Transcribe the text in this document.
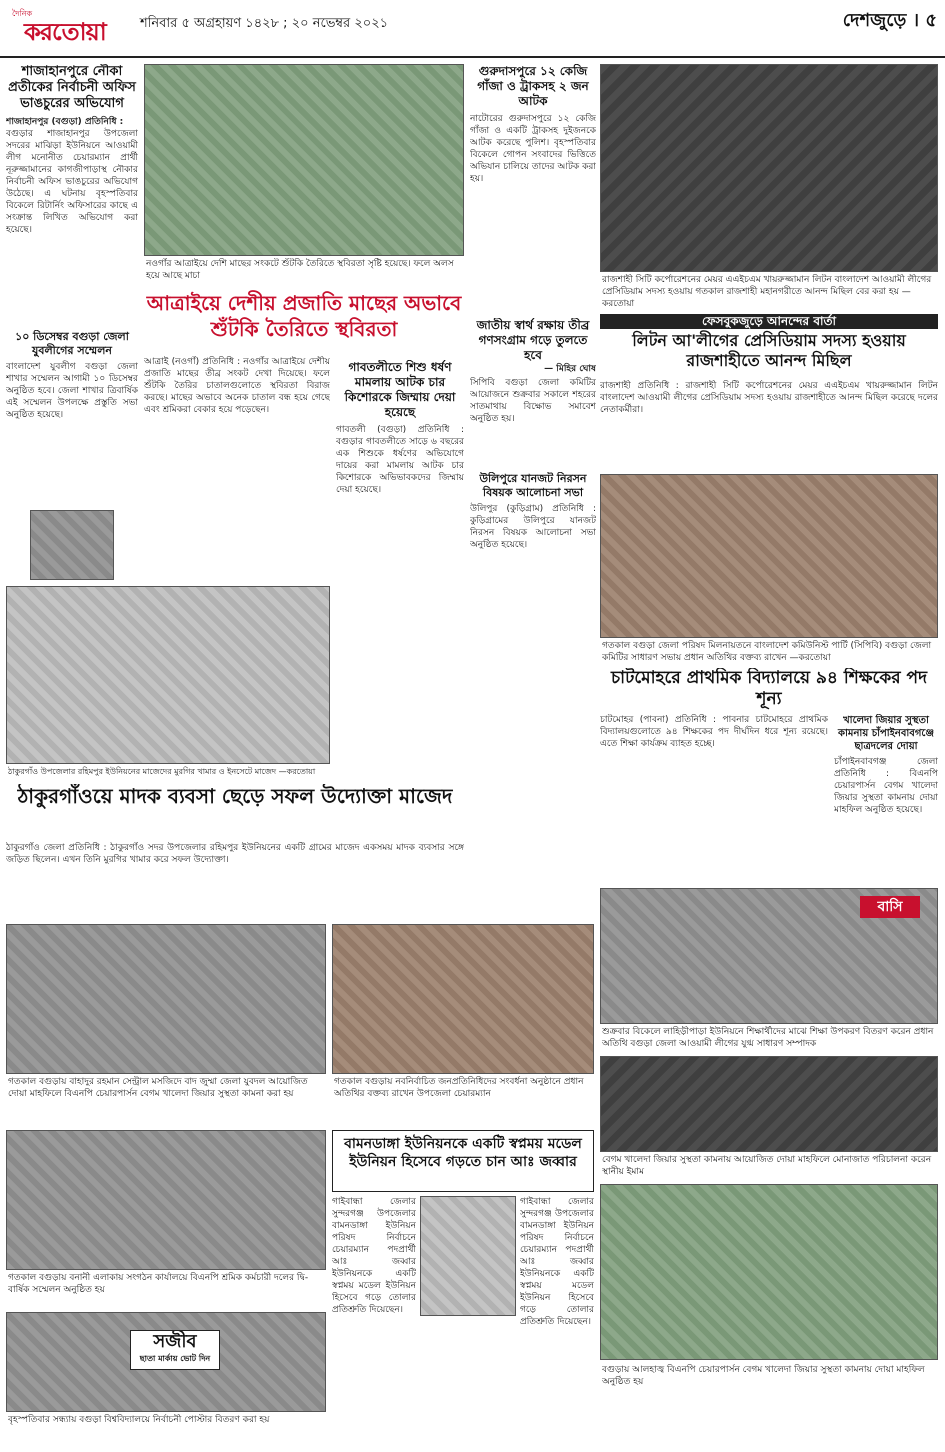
দৈনিক
করতোয়া	শনিবার ৫ অগ্রহায়ণ ১৪২৮ ; ২০ নভেম্বর ২০২১	দেশজুড়ে । ৫
শাজাহানপুরে নৌকা প্রতীকের নির্বাচনী অফিস ভাঙচুরের অভিযোগ
শাজাহানপুর (বগুড়া) প্রতিনিধি :
বগুড়ার শাজাহানপুর উপজেলা সদরের মাঝিড়া ইউনিয়নে আওয়ামী লীগ মনোনীত চেয়ারম্যান প্রার্থী নূরুজ্জামানের কাগজীপাড়াস্থ নৌকার নির্বাচনী অফিস ভাঙচুরের অভিযোগ উঠেছে। এ ঘটনায় বৃহস্পতিবার বিকেলে রিটার্নিং অফিসারের কাছে এ সংক্রান্ত লিখিত অভিযোগ করা হয়েছে।
১০ ডিসেম্বর বগুড়া জেলা যুবলীগের সম্মেলন
বাংলাদেশ যুবলীগ বগুড়া জেলা শাখার সম্মেলন আগামী ১০ ডিসেম্বর অনুষ্ঠিত হবে। জেলা শাখার ত্রিবার্ষিক এই সম্মেলন উপলক্ষে প্রস্তুতি সভা অনুষ্ঠিত হয়েছে।
নওগাঁর আত্রাইয়ে দেশি মাছের সংকটে শুঁটকি তৈরিতে স্থবিরতা সৃষ্টি হয়েছে। ফলে অলস হয়ে আছে মাচা
আত্রাইয়ে দেশীয় প্রজাতি মাছের অভাবে শুঁটকি তৈরিতে স্থবিরতা
আত্রাই (নওগাঁ) প্রতিনিধি : নওগাঁর আত্রাইয়ে দেশীয় প্রজাতি মাছের তীব্র সংকট দেখা দিয়েছে। ফলে শুঁটকি তৈরির চাতালগুলোতে স্থবিরতা বিরাজ করছে। মাছের অভাবে অনেক চাতাল বন্ধ হয়ে গেছে এবং শ্রমিকরা বেকার হয়ে পড়েছেন।
গাবতলীতে শিশু ধর্ষণ মামলায় আটক চার কিশোরকে জিম্মায় দেয়া হয়েছে
গাবতলী (বগুড়া) প্রতিনিধি : বগুড়ার গাবতলীতে সাড়ে ৬ বছরের এক শিশুকে ধর্ষণের অভিযোগে দায়ের করা মামলায় আটক চার কিশোরকে অভিভাবকদের জিম্মায় দেয়া হয়েছে।
গুরুদাসপুরে ১২ কেজি গাঁজা ও ট্রাকসহ ২ জন আটক
নাটোরের গুরুদাসপুরে ১২ কেজি গাঁজা ও একটি ট্রাকসহ দুইজনকে আটক করেছে পুলিশ। বৃহস্পতিবার বিকেলে গোপন সংবাদের ভিত্তিতে অভিযান চালিয়ে তাদের আটক করা হয়।
জাতীয় স্বার্থ রক্ষায় তীব্র গণসংগ্রাম গড়ে তুলতে হবে
— মিহির ঘোষ
সিপিবি বগুড়া জেলা কমিটির আয়োজনে শুক্রবার সকালে শহরের সাতমাথায় বিক্ষোভ সমাবেশ অনুষ্ঠিত হয়।
উলিপুরে যানজট নিরসন বিষয়ক আলোচনা সভা
উলিপুর (কুড়িগ্রাম) প্রতিনিধি : কুড়িগ্রামের উলিপুরে যানজট নিরসন বিষয়ক আলোচনা সভা অনুষ্ঠিত হয়েছে।
রাজশাহী সিটি কর্পোরেশনের মেয়র এএইচএম খায়রুজ্জামান লিটন বাংলাদেশ আওয়ামী লীগের প্রেসিডিয়াম সদস্য হওয়ায় গতকাল রাজশাহী মহানগরীতে আনন্দ মিছিল বের করা হয় —করতোয়া
ফেসবুকজুড়ে আনন্দের বার্তা
লিটন আ'লীগের প্রেসিডিয়াম সদস্য হওয়ায় রাজশাহীতে আনন্দ মিছিল
রাজশাহী প্রতিনিধি : রাজশাহী সিটি কর্পোরেশনের মেয়র এএইচএম খায়রুজ্জামান লিটন বাংলাদেশ আওয়ামী লীগের প্রেসিডিয়াম সদস্য হওয়ায় রাজশাহীতে আনন্দ মিছিল করেছে দলের নেতাকর্মীরা।
গতকাল বগুড়া জেলা পরিষদ মিলনায়তনে বাংলাদেশ কমিউনিস্ট পার্টি (সিপিবি) বগুড়া জেলা কমিটির সাধারণ সভায় প্রধান অতিথির বক্তব্য রাখেন —করতোয়া
ঠাকুরগাঁও উপজেলার রহিমপুর ইউনিয়নের মাজেদের মুরগির খামার ও ইনসেটে মাজেদ —করতোয়া
ঠাকুরগাঁওয়ে মাদক ব্যবসা ছেড়ে সফল উদ্যোক্তা মাজেদ
ঠাকুরগাঁও জেলা প্রতিনিধি : ঠাকুরগাঁও সদর উপজেলার রহিমপুর ইউনিয়নের একটি গ্রামের মাজেদ একসময় মাদক ব্যবসার সঙ্গে জড়িত ছিলেন। এখন তিনি মুরগির খামার করে সফল উদ্যোক্তা।
চাটমোহরে প্রাথমিক বিদ্যালয়ে ৯৪ শিক্ষকের পদ শূন্য
চাটমোহর (পাবনা) প্রতিনিধি : পাবনার চাটমোহরে প্রাথমিক বিদ্যালয়গুলোতে ৯৪ শিক্ষকের পদ দীর্ঘদিন ধরে শূন্য রয়েছে। এতে শিক্ষা কার্যক্রম ব্যাহত হচ্ছে।
খালেদা জিয়ার সুস্থতা কামনায় চাঁপাইনবাবগঞ্জে ছাত্রদলের দোয়া
চাঁপাইনবাবগঞ্জ জেলা প্রতিনিধি : বিএনপি চেয়ারপার্সন বেগম খালেদা জিয়ার সুস্থতা কামনায় দোয়া মাহফিল অনুষ্ঠিত হয়েছে।
বাসি
শুক্রবার বিকেলে লাহিড়ীপাড়া ইউনিয়নে শিক্ষার্থীদের মাঝে শিক্ষা উপকরণ বিতরণ করেন প্রধান অতিথি বগুড়া জেলা আওয়ামী লীগের যুগ্ম সাধারণ সম্পাদক
গতকাল বগুড়ায় বাহাদুর রহমান সেন্ট্রাল মসজিদে বাদ জুম্মা জেলা যুবদল আয়োজিত দোয়া মাহফিলে বিএনপি চেয়ারপার্সন বেগম খালেদা জিয়ার সুস্থতা কামনা করা হয়
গতকাল বগুড়ায় নবনির্বাচিত জনপ্রতিনিধিদের সংবর্ধনা অনুষ্ঠানে প্রধান অতিথির বক্তব্য রাখেন উপজেলা চেয়ারম্যান
বেগম খালেদা জিয়ার সুস্থতা কামনায় আয়োজিত দোয়া মাহফিলে মোনাজাত পরিচালনা করেন স্থানীয় ইমাম
গতকাল বগুড়ায় বনানী এলাকায় সংগঠন কার্যালয়ে বিএনপি শ্রমিক কর্মচারী দলের দ্বি-বার্ষিক সম্মেলন অনুষ্ঠিত হয়
বামনডাঙ্গা ইউনিয়নকে একটি স্বপ্নময় মডেল ইউনিয়ন হিসেবে গড়তে চান আঃ জব্বার
গাইবান্ধা জেলার সুন্দরগঞ্জ উপজেলার বামনডাঙ্গা ইউনিয়ন পরিষদ নির্বাচনে চেয়ারম্যান পদপ্রার্থী আঃ জব্বার ইউনিয়নকে একটি স্বপ্নময় মডেল ইউনিয়ন হিসেবে গড়ে তোলার প্রতিশ্রুতি দিয়েছেন।
গাইবান্ধা জেলার সুন্দরগঞ্জ উপজেলার বামনডাঙ্গা ইউনিয়ন পরিষদ নির্বাচনে চেয়ারম্যান পদপ্রার্থী আঃ জব্বার ইউনিয়নকে একটি স্বপ্নময় মডেল ইউনিয়ন হিসেবে গড়ে তোলার প্রতিশ্রুতি দিয়েছেন।
বগুড়ায় আলহাজ্ব বিএনপি চেয়ারপার্সন বেগম খালেদা জিয়ার সুস্থতা কামনায় দোয়া মাহফিল অনুষ্ঠিত হয়
সজীব
ছাতা মার্কায় ভোট দিন
বৃহস্পতিবার সন্ধ্যায় বগুড়া বিশ্ববিদ্যালয়ে নির্বাচনী পোস্টার বিতরণ করা হয়
